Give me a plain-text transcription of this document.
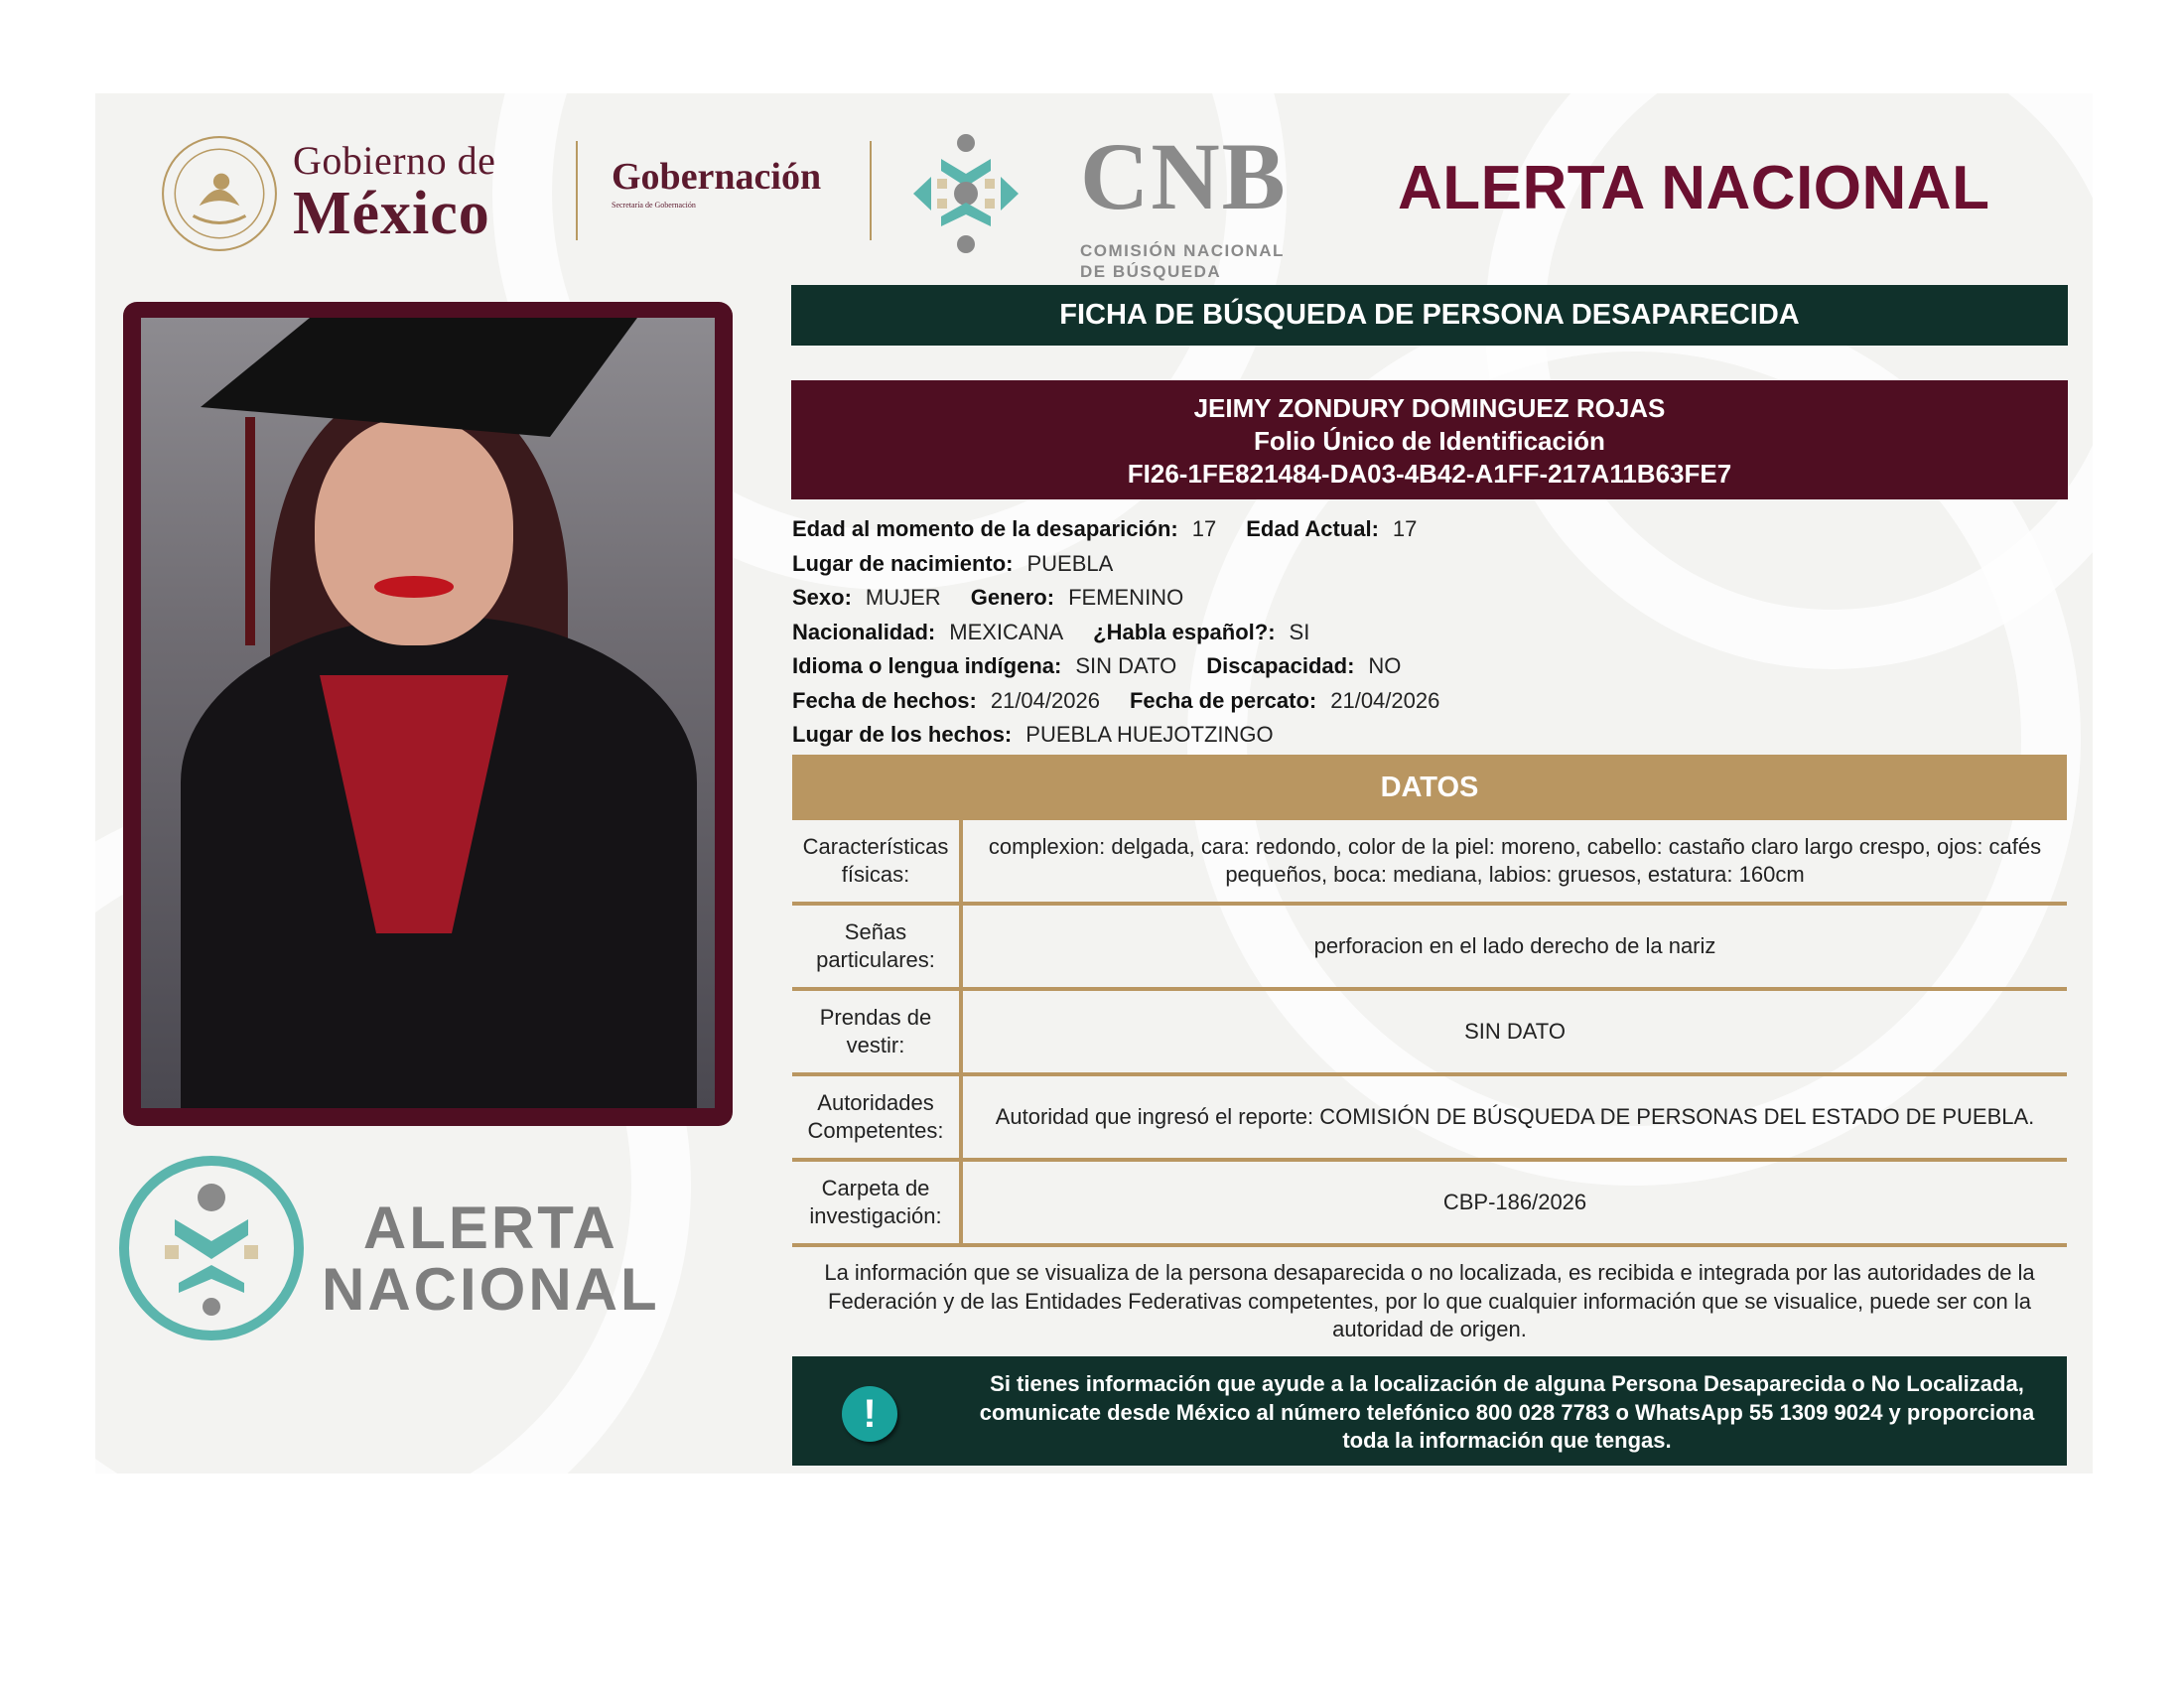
Gobierno de
México
Gobernación
Secretaría de Gobernación	CNB
COMISIÓN NACIONAL
DE BÚSQUEDA
ALERTA NACIONAL
ALERTA
NACIONAL
FICHA DE BÚSQUEDA DE PERSONA DESAPARECIDA
JEIMY ZONDURY DOMINGUEZ ROJAS
Folio Único de Identificación
FI26-1FE821484-DA03-4B42-A1FF-217A11B63FE7
Edad al momento de la desaparición: 17 Edad Actual: 17
Lugar de nacimiento: PUEBLA
Sexo: MUJER Genero: FEMENINO
Nacionalidad: MEXICANA ¿Habla español?: SI
Idioma o lengua indígena: SIN DATO Discapacidad: NO
Fecha de hechos: 21/04/2026 Fecha de percato: 21/04/2026
Lugar de los hechos: PUEBLA HUEJOTZINGO
DATOS
Características físicas:
complexion: delgada, cara: redondo, color de la piel: moreno, cabello: castaño claro largo crespo, ojos: cafés pequeños, boca: mediana, labios: gruesos, estatura: 160cm
Señas particulares:
perforacion en el lado derecho de la nariz
Prendas de vestir:
SIN DATO
Autoridades Competentes:
Autoridad que ingresó el reporte: COMISIÓN DE BÚSQUEDA DE PERSONAS DEL ESTADO DE PUEBLA.
Carpeta de investigación:
CBP-186/2026
La información que se visualiza de la persona desaparecida o no localizada, es recibida e integrada por las autoridades de la Federación y de las Entidades Federativas competentes, por lo que cualquier información que se visualice, puede ser con la autoridad de origen.
!
Si tienes información que ayude a la localización de alguna Persona Desaparecida o No Localizada, comunicate desde México al número telefónico 800 028 7783 o WhatsApp 55 1309 9024 y proporciona toda la información que tengas.
